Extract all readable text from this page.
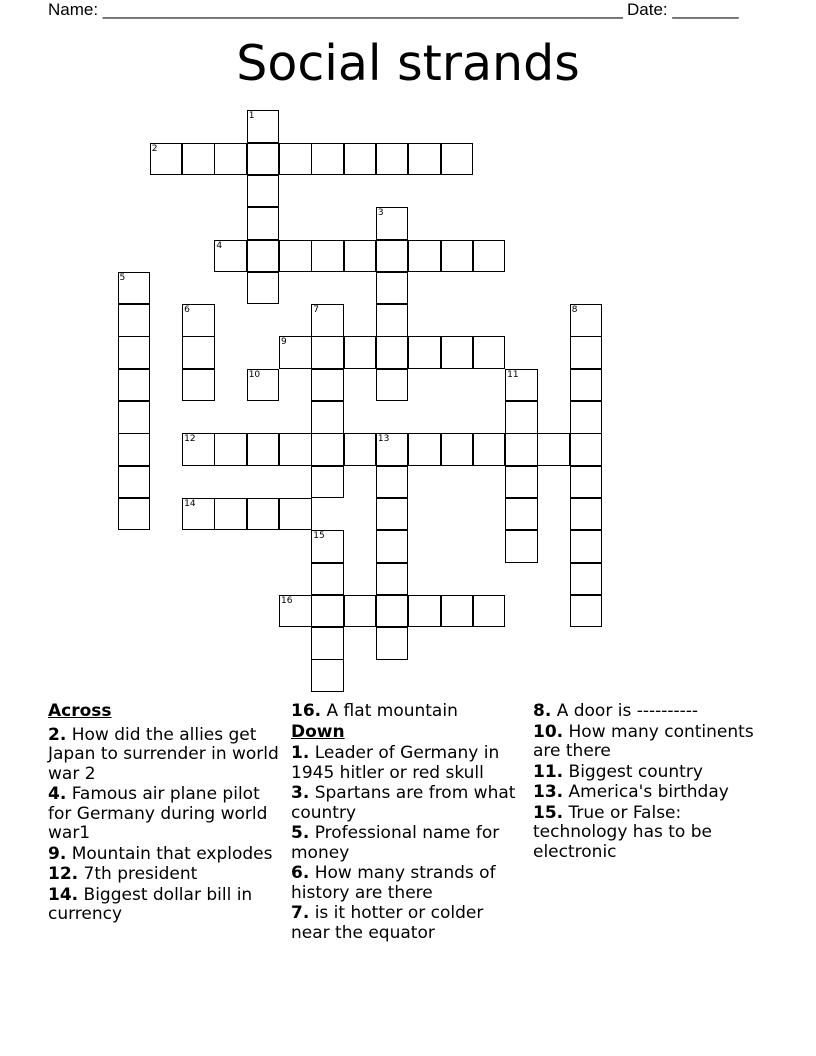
Name: _______________________________________________________ Date: _______
Social strands
1
2
3
4
5
6	7	8
9
10	11
12	13
14
15
16
Across
2. How did the allies get Japan to surrender in world war 2
4. Famous air plane pilot for Germany during world war1
9. Mountain that explodes
12. 7th president
14. Biggest dollar bill in currency
16. A flat mountain
Down
1. Leader of Germany in 1945 hitler or red skull
3. Spartans are from what country
5. Professional name for money
6. How many strands of history are there
7. is it hotter or colder near the equator
8. A door is ----------
10. How many continents are there
11. Biggest country
13. America's birthday
15. True or False: technology has to be electronic
